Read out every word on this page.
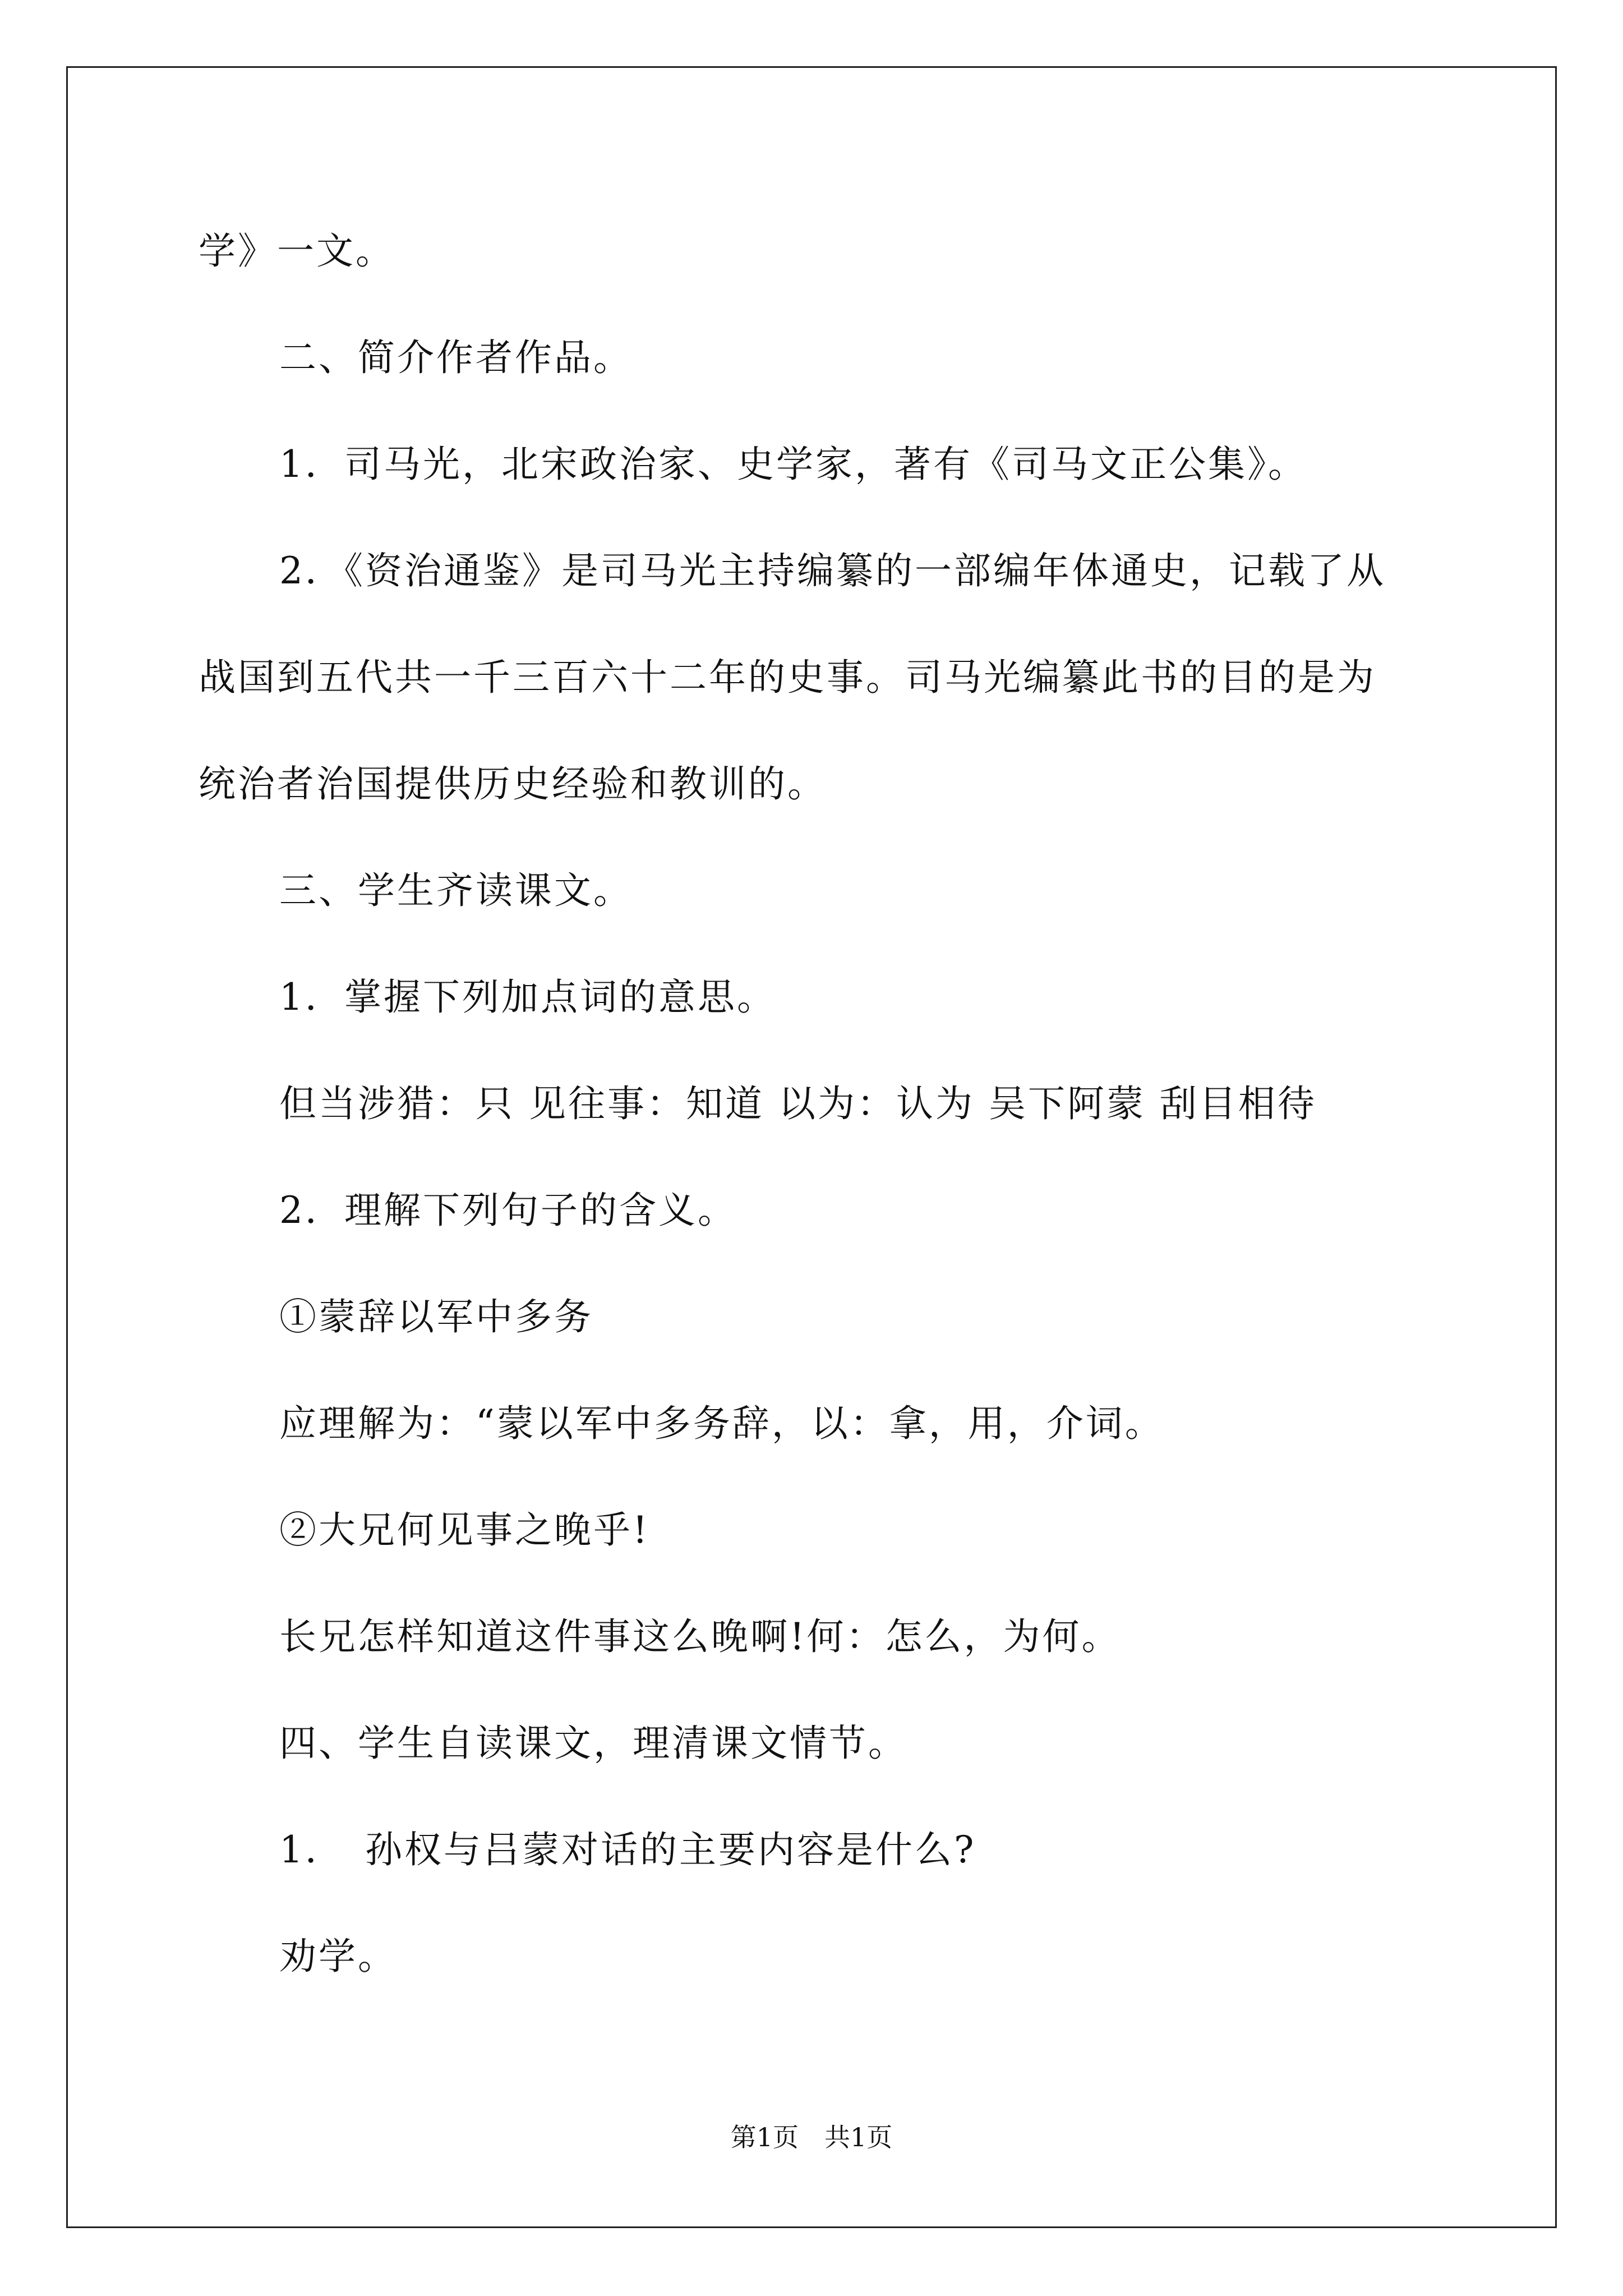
学》一文。
二、简介作者作品。
1．司马光，北宋政治家、史学家，著有《司马文正公集》。
2．《资治通鉴》是司马光主持编纂的一部编年体通史，记载了从
战国到五代共一千三百六十二年的史事。司马光编纂此书的目的是为
统治者治国提供历史经验和教训的。
三、学生齐读课文。
1．掌握下列加点词的意思。
但当涉猎：只 见往事：知道 以为：认为 吴下阿蒙 刮目相待
2．理解下列句子的含义。
①蒙辞以军中多务
应理解为：“蒙以军中多务辞，以：拿，用，介词。
②大兄何见事之晚乎!
长兄怎样知道这件事这么晚啊!何：怎么，为何。
四、学生自读课文，理清课文情节。
1．　孙权与吕蒙对话的主要内容是什么?
劝学。
第1页　共1页
